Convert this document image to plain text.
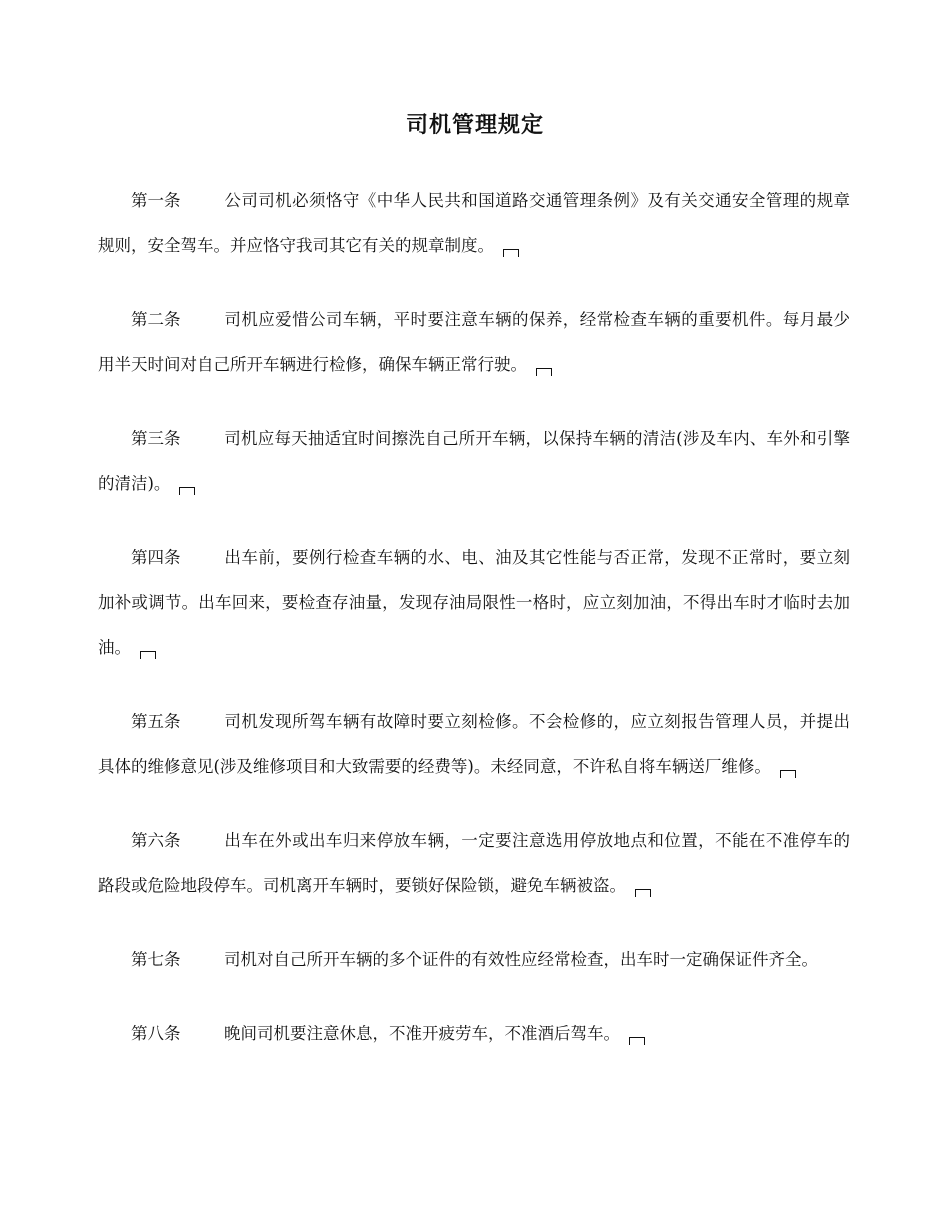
司机管理规定

第一条	公司司机必须恪守《中华人民共和国道路交通管理条例》及有关交通安全管理的规章规则，安全驾车。并应恪守我司其它有关的规章制度。

第二条	司机应爱惜公司车辆，平时要注意车辆的保养，经常检查车辆的重要机件。每月最少用半天时间对自己所开车辆进行检修，确保车辆正常行驶。

第三条	司机应每天抽适宜时间擦洗自己所开车辆，以保持车辆的清洁(涉及车内、车外和引擎的清洁)。

第四条	出车前，要例行检查车辆的水、电、油及其它性能与否正常，发现不正常时，要立刻加补或调节。出车回来，要检查存油量，发现存油局限性一格时，应立刻加油，不得出车时才临时去加油。

第五条	司机发现所驾车辆有故障时要立刻检修。不会检修的，应立刻报告管理人员，并提出具体的维修意见(涉及维修项目和大致需要的经费等)。未经同意，不许私自将车辆送厂维修。

第六条	出车在外或出车归来停放车辆，一定要注意选用停放地点和位置，不能在不准停车的路段或危险地段停车。司机离开车辆时，要锁好保险锁，避免车辆被盗。

第七条	司机对自己所开车辆的多个证件的有效性应经常检查，出车时一定确保证件齐全。

第八条	晚间司机要注意休息，不准开疲劳车，不准酒后驾车。
